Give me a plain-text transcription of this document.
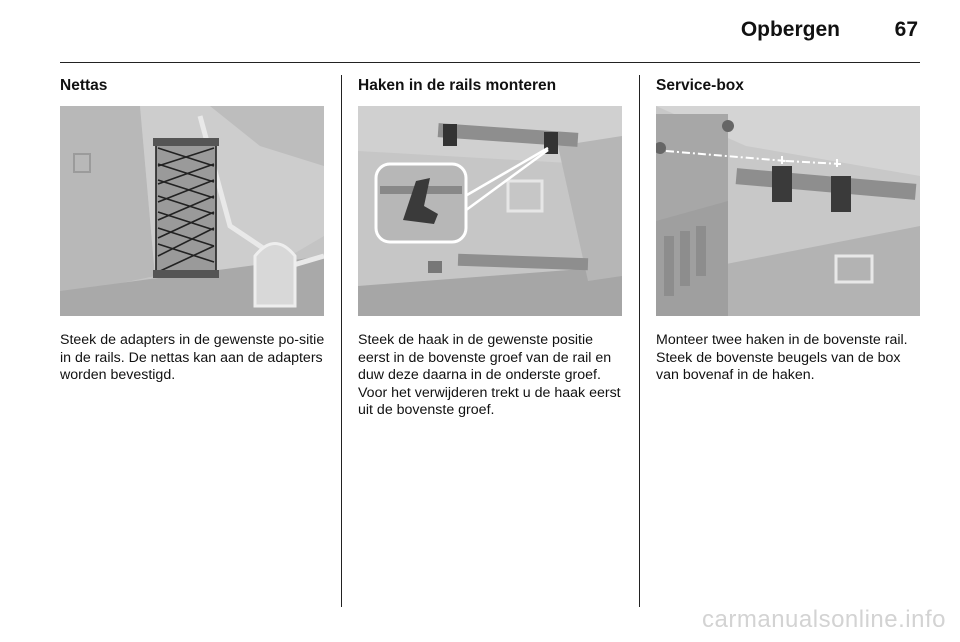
Opbergen	67
Nettas
Steek de adapters in de gewenste po-sitie in de rails. De nettas kan aan de adapters worden bevestigd.
Haken in de rails monteren
Steek de haak in de gewenste positie eerst in de bovenste groef van de rail en duw deze daarna in de onderste groef. Voor het verwijderen trekt u de haak eerst uit de bovenste groef.
Service-box
Monteer twee haken in de bovenste rail. Steek de bovenste beugels van de box van bovenaf in de haken.
carmanualsonline.info
